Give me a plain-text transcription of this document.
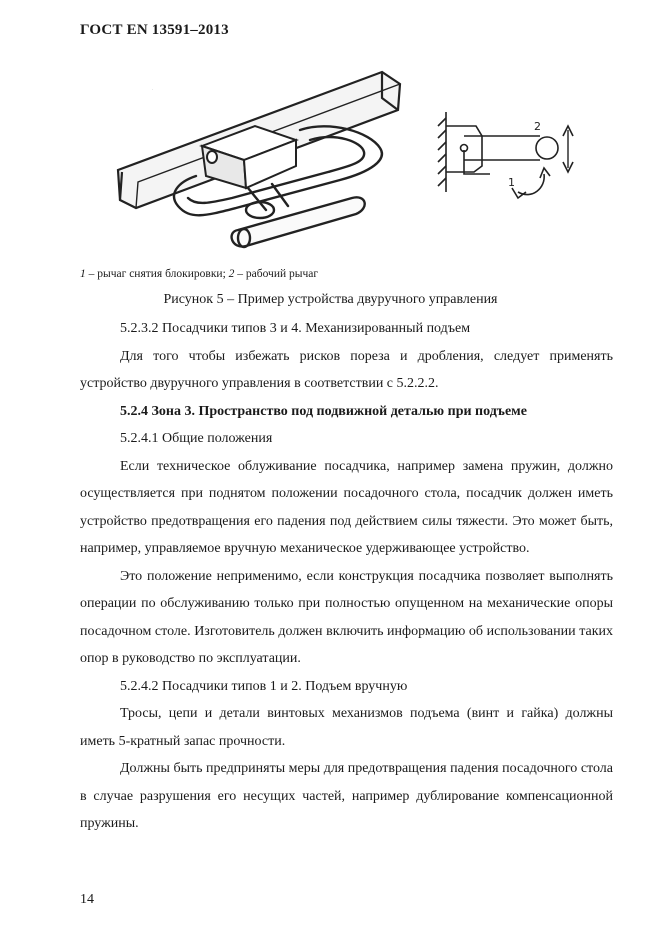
ГОСТ EN 13591–2013
.
2
1
1 – рычаг снятия блокировки; 2 – рабочий рычаг
Рисунок 5 – Пример устройства двуручного управления

5.2.3.2 Посадчики типов 3 и 4. Механизированный подъем

Для того чтобы избежать рисков пореза и дробления, следует применять устройство двуручного управления в соответствии с 5.2.2.2.

5.2.4 Зона 3. Пространство под подвижной деталью при подъеме

5.2.4.1 Общие положения

Если техническое облуживание посадчика, например замена пружин, должно осуществляется при поднятом положении посадочного стола, посадчик должен иметь устройство предотвращения его падения под действием силы тяжести. Это может быть, например, управляемое вручную механическое удерживающее устройство.

Это положение неприменимо, если конструкция посадчика позволяет выполнять операции по обслуживанию только при полностью опущенном на механические опоры посадочном столе. Изготовитель должен включить информацию об использовании таких опор в руководство по эксплуатации.

5.2.4.2 Посадчики типов 1 и 2. Подъем вручную

Тросы, цепи и детали винтовых механизмов подъема (винт и гайка) должны иметь 5-кратный запас прочности.

Должны быть предприняты меры для предотвращения падения посадочного стола в случае разрушения его несущих частей, например дублирование компенсационной пружины.

14
